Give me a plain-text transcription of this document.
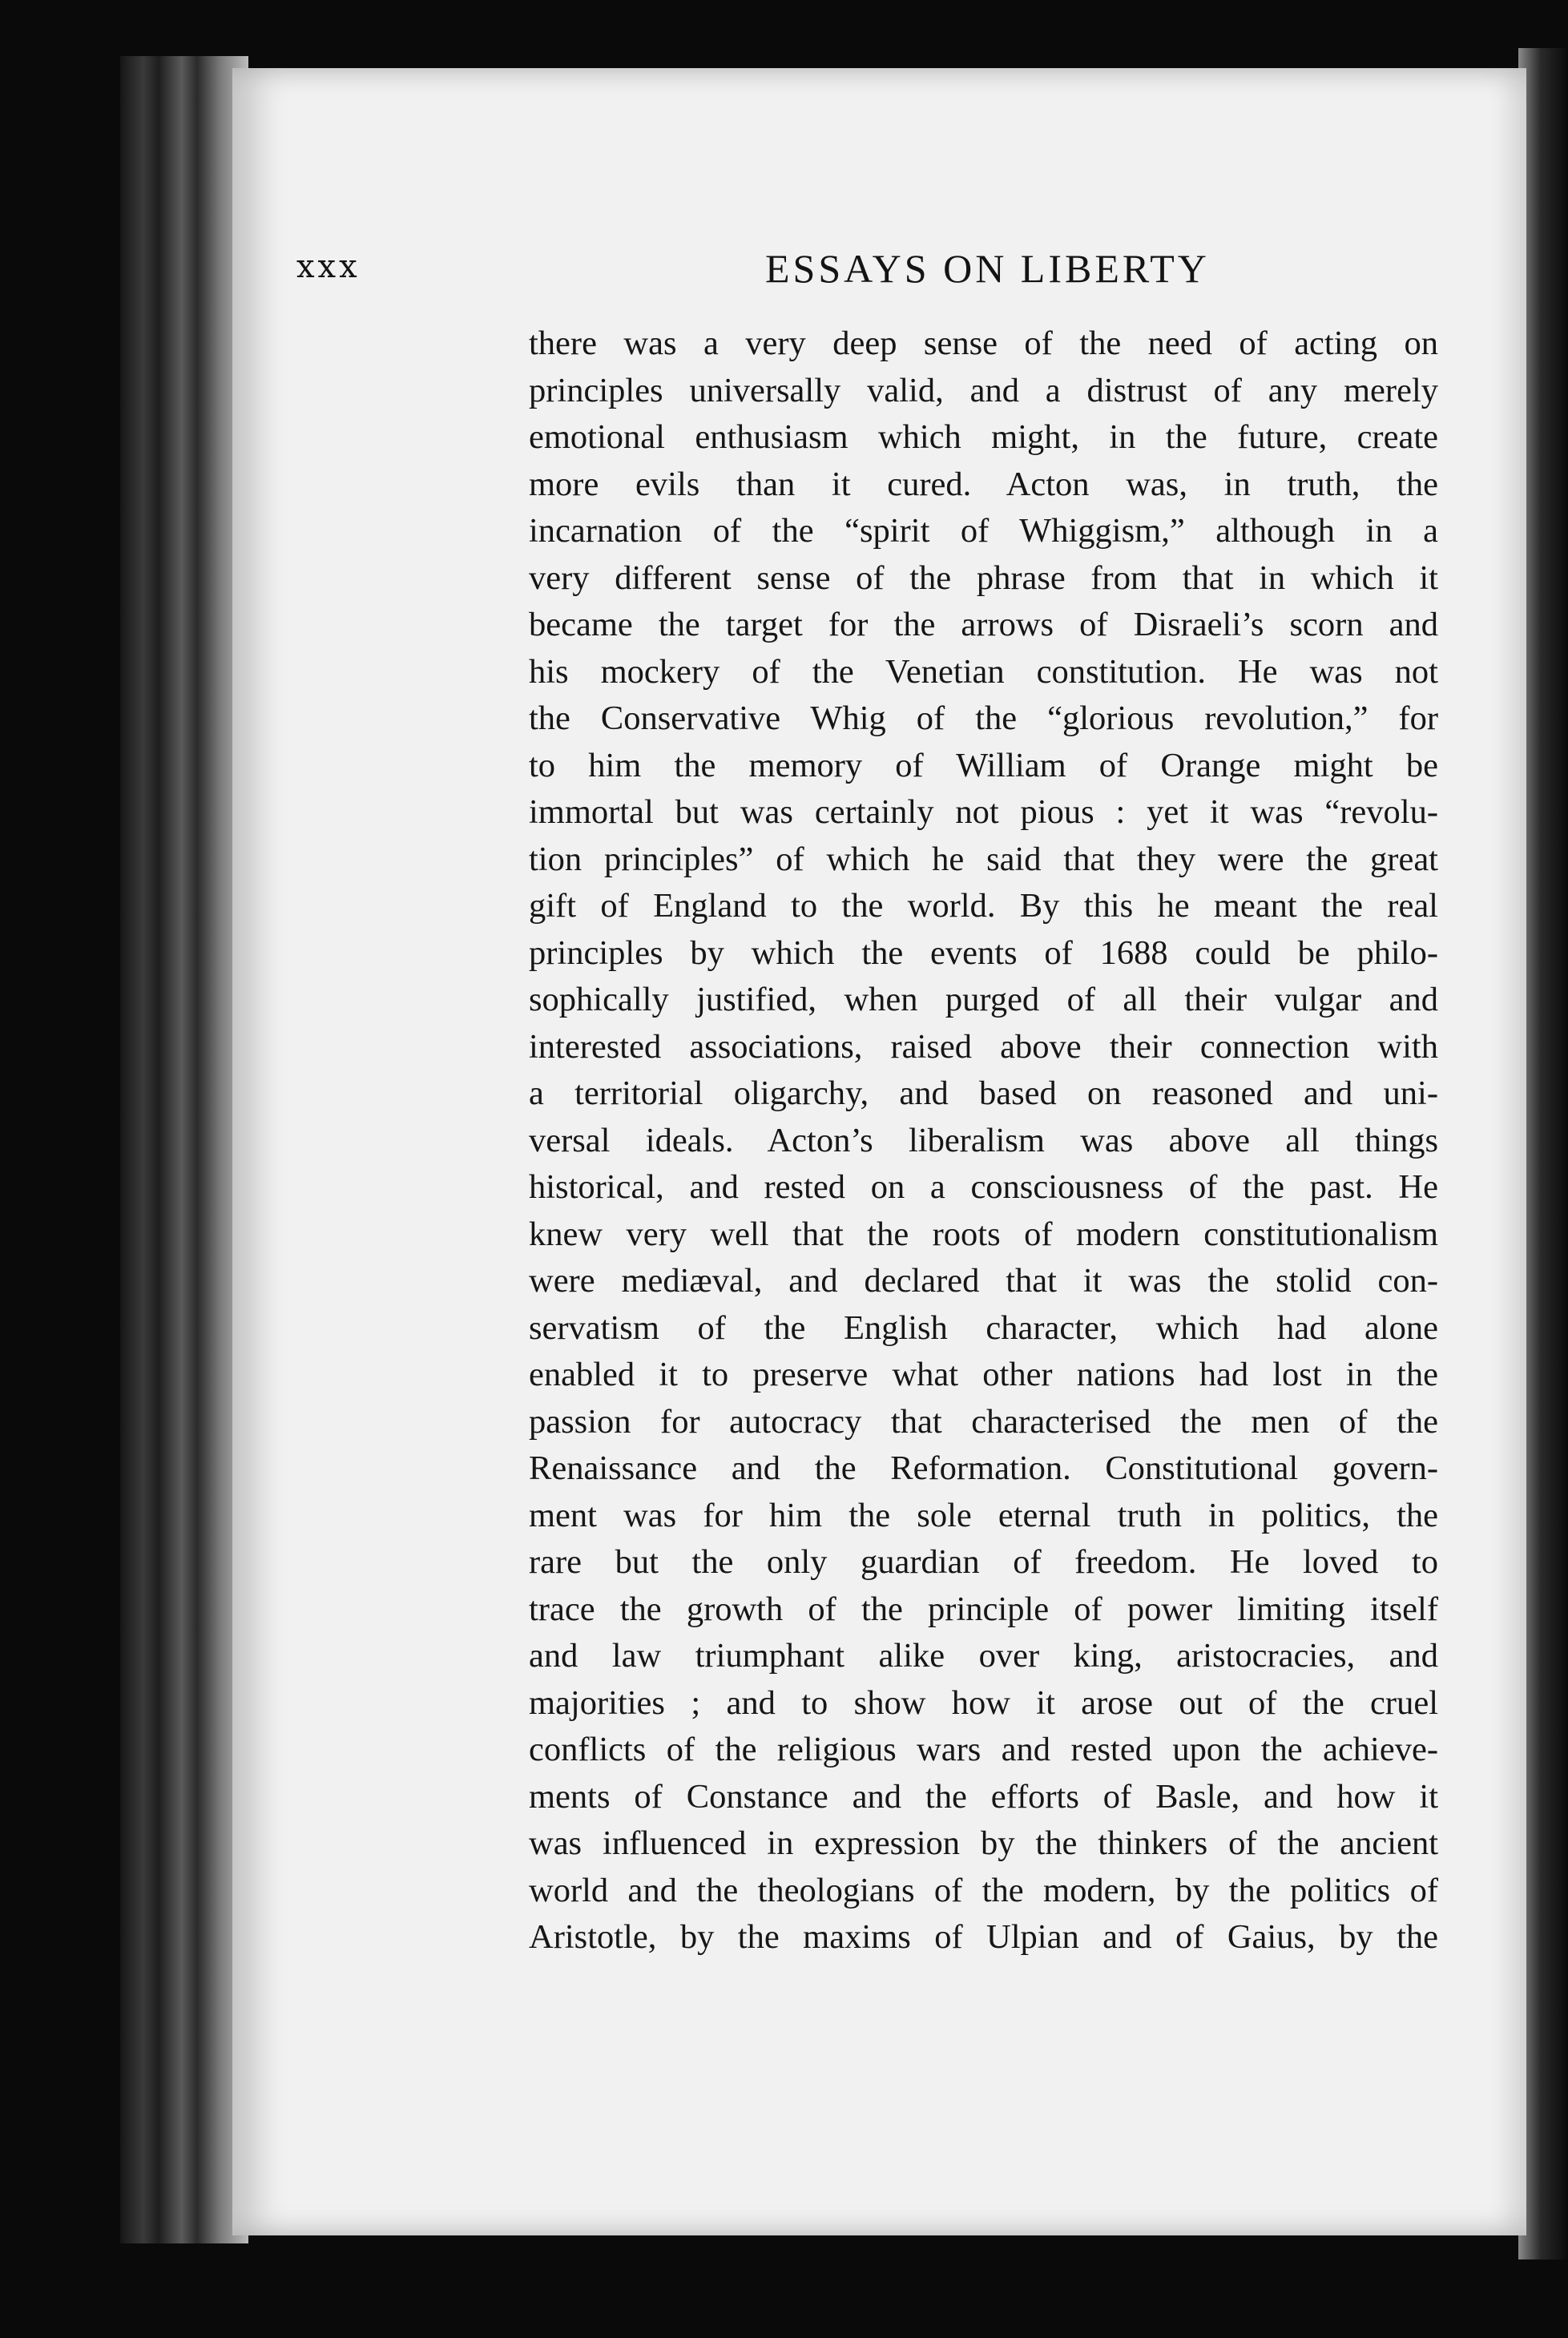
xxx	ESSAYS ON LIBERTY
there was a very deep sense of the need of acting on
principles universally valid, and a distrust of any merely
emotional enthusiasm which might, in the future, create
more evils than it cured. Acton was, in truth, the
incarnation of the “spirit of Whiggism,” although in a
very different sense of the phrase from that in which it
became the target for the arrows of Disraeli’s scorn and
his mockery of the Venetian constitution. He was not
the Conservative Whig of the “glorious revolution,” for
to him the memory of William of Orange might be
immortal but was certainly not pious : yet it was “revolu-
tion principles” of which he said that they were the great
gift of England to the world. By this he meant the real
principles by which the events of 1688 could be philo-
sophically justified, when purged of all their vulgar and
interested associations, raised above their connection with
a territorial oligarchy, and based on reasoned and uni-
versal ideals. Acton’s liberalism was above all things
historical, and rested on a consciousness of the past. He
knew very well that the roots of modern constitutionalism
were mediæval, and declared that it was the stolid con-
servatism of the English character, which had alone
enabled it to preserve what other nations had lost in the
passion for autocracy that characterised the men of the
Renaissance and the Reformation. Constitutional govern-
ment was for him the sole eternal truth in politics, the
rare but the only guardian of freedom. He loved to
trace the growth of the principle of power limiting itself
and law triumphant alike over king, aristocracies, and
majorities ; and to show how it arose out of the cruel
conflicts of the religious wars and rested upon the achieve-
ments of Constance and the efforts of Basle, and how it
was influenced in expression by the thinkers of the ancient
world and the theologians of the modern, by the politics of
Aristotle, by the maxims of Ulpian and of Gaius, by the
